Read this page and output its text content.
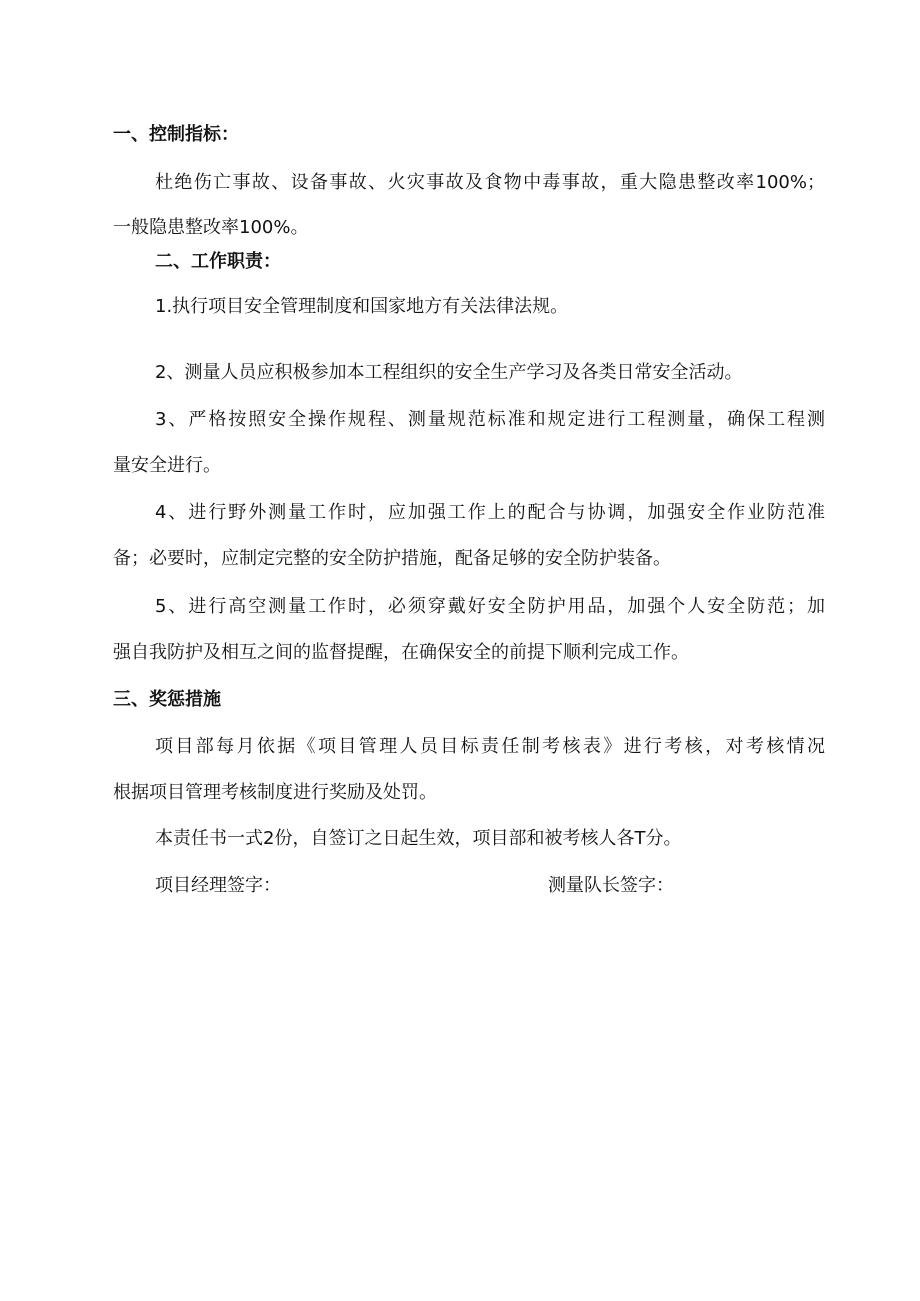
一、控制指标：

杜绝伤亡事故、设备事故、火灾事故及食物中毒事故，重大隐患整改率100%；

一般隐患整改率100%。

二、工作职责：

1.执行项目安全管理制度和国家地方有关法律法规。

2、测量人员应积极参加本工程组织的安全生产学习及各类日常安全活动。

3、严格按照安全操作规程、测量规范标准和规定进行工程测量，确保工程测

量安全进行。

4、进行野外测量工作时，应加强工作上的配合与协调，加强安全作业防范准

备；必要时，应制定完整的安全防护措施，配备足够的安全防护装备。

5、进行高空测量工作时，必须穿戴好安全防护用品，加强个人安全防范；加

强自我防护及相互之间的监督提醒，在确保安全的前提下顺利完成工作。

三、奖惩措施

项目部每月依据《项目管理人员目标责任制考核表》进行考核，对考核情况

根据项目管理考核制度进行奖励及处罚。

本责任书一式2份，自签订之日起生效，项目部和被考核人各T分。

项目经理签字：	测量队长签字：
